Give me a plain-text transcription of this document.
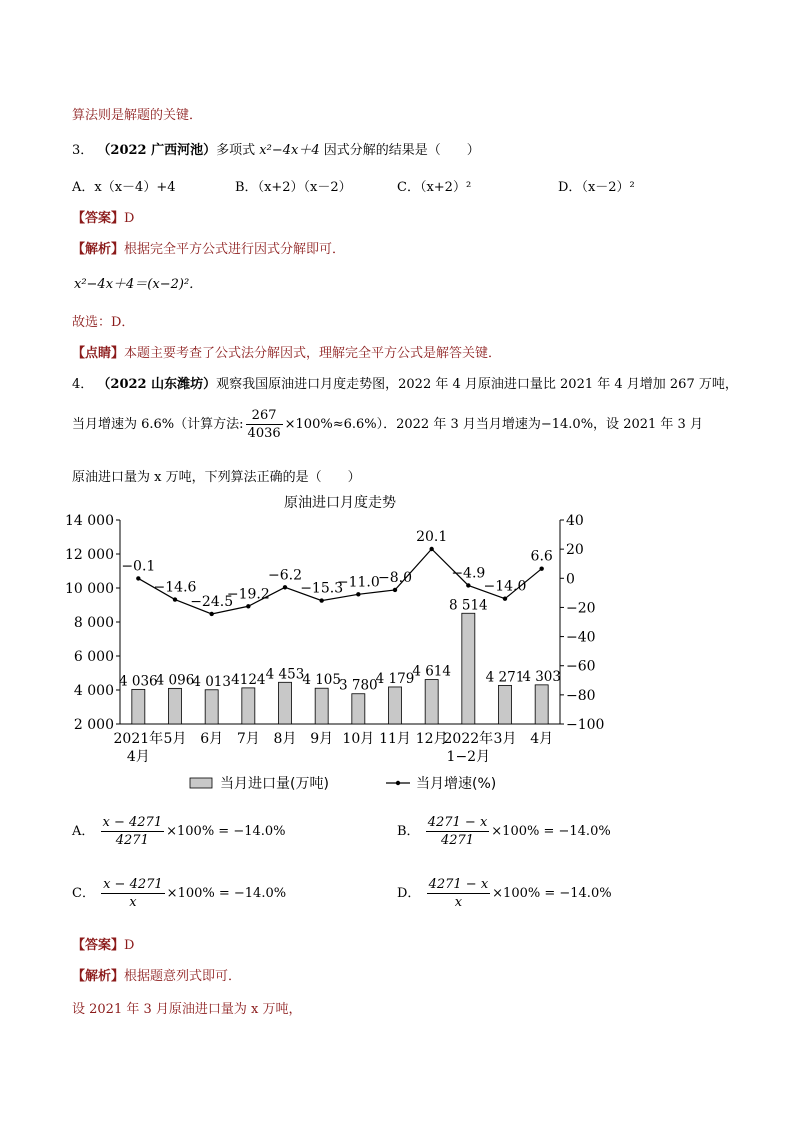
算法则是解题的关键．
3． （2022 广西河池）多项式 x²−4x＋4 因式分解的结果是（　　）
A．x（x－4）+4	B．（x+2）（x－2）	C．（x+2）²	D．（x－2）²
【答案】D
【解析】根据完全平方公式进行因式分解即可．
x²−4x＋4＝(x−2)²．
故选：D．
【点睛】本题主要考查了公式法分解因式，理解完全平方公式是解答关键．
4． （2022 山东潍坊）观察我国原油进口月度走势图，2022 年 4 月原油进口量比 2021 年 4 月增加 267 万吨，
当月增速为 6.6%（计算方法: $\frac{267}{4036} \times 100\%\approx 6.6\%$）．2022 年 3 月当月增速为−14.0%，设 2021 年 3 月
原油进口量为 x 万吨，下列算法正确的是（　　）
原油进口月度走势
2 000
4 000
6 000
8 000
10 000
12 000
14 000
−100
−80
−60
−40
−20
0
20
40
4 036
4 096
4 013 4124 4 453
4 105
3 780
4 179
4 614
8 514
4 271
4 303
2021年
4月
5月 6月 7月 8月 9月 10月 11月 12月
2022年
1−2月
3月 4月
−0.1
−14.6
−24.5
−19.2
−6.2
−15.3
−11.0
−8.0
20.1
−4.9
−14.0
6.6
当月进口量(万吨)	当月增速(%)
A． $\frac{x - 4271}{4271} \times 100\% = -14.0\%$	B． $\frac{4271 - x}{4271} \times 100\% = -14.0\%$
C． $\frac{x - 4271}{x} \times 100\% = -14.0\%$	D． $\frac{4271 - x}{x} \times 100\% = -14.0\%$
【答案】D
【解析】根据题意列式即可．
设 2021 年 3 月原油进口量为 x 万吨，
